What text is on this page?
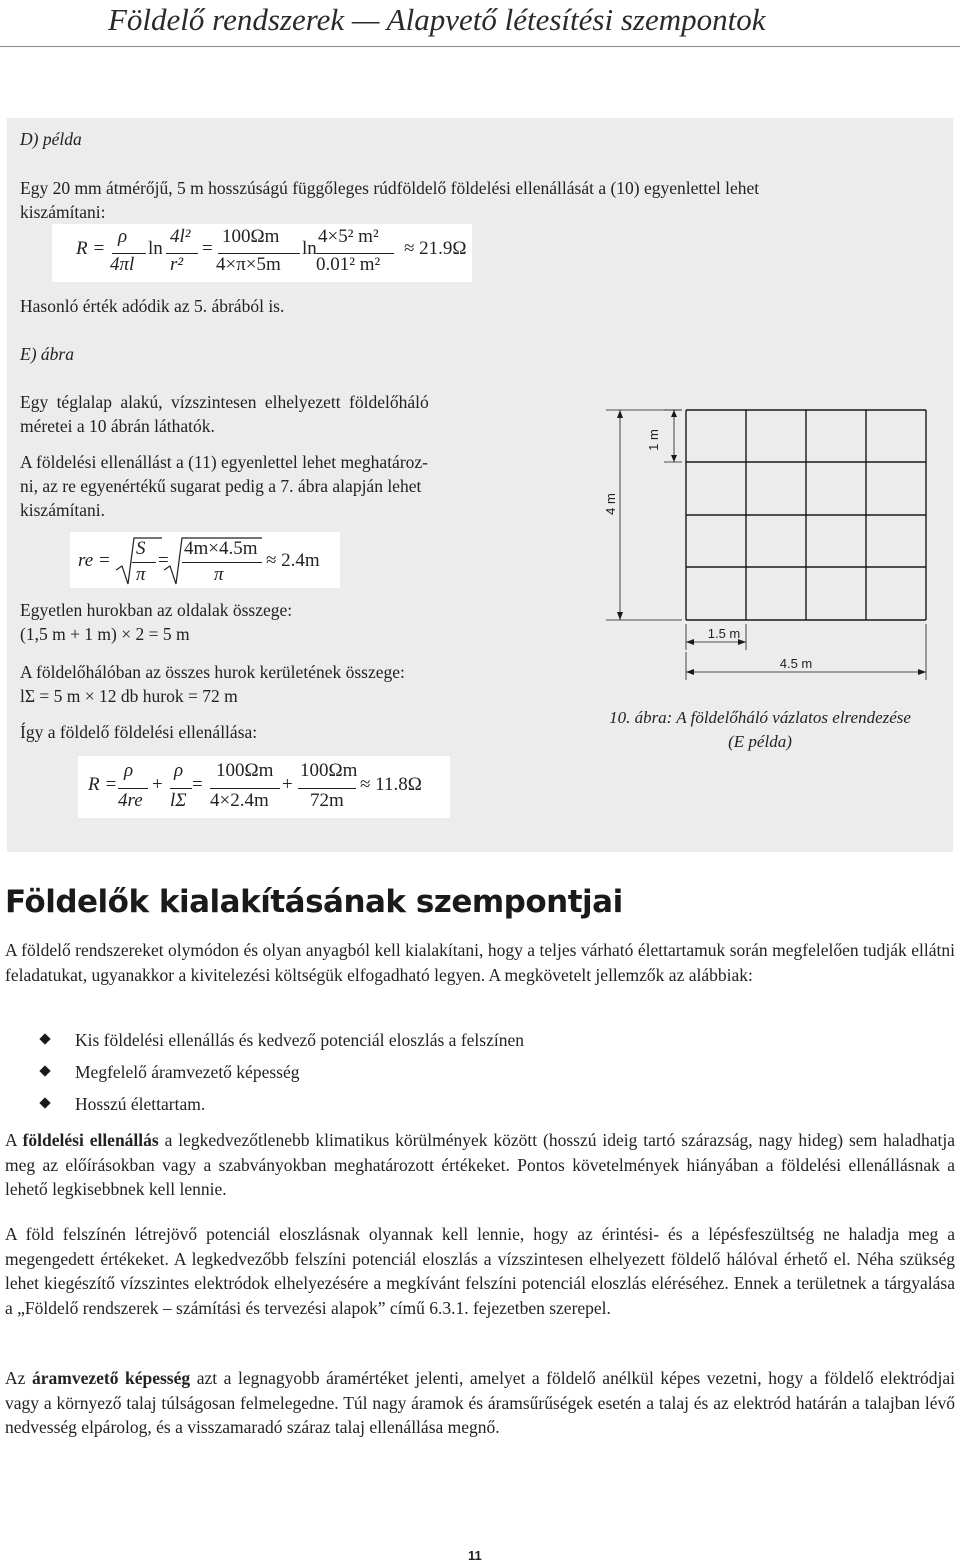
Földelő rendszerek — Alapvető létesítési szempontok
D) példa
Egy 20 mm átmérőjű, 5 m hosszúságú függőleges rúdföldelő földelési ellenállását a (10) egyenlettel lehet
kiszámítani:
R =
ρ
4πl
ln
4l²
r²
=
100Ωm
4×π×5m
ln
4×5² m²
0.01² m²
≈ 21.9Ω
Hasonló érték adódik az 5. ábrából is.
E) ábra
Egy téglalap alakú, vízszintesen elhelyezett földelőháló
méretei a 10 ábrán láthatók.
A földelési ellenállást a (11) egyenlettel lehet meghatároz-
ni, az re egyenértékű sugarat pedig a 7. ábra alapján lehet
kiszámítani.
re =
S
π
=
4m×4.5m
π
≈ 2.4m
Egyetlen hurokban az oldalak összege:
(1,5 m + 1 m) × 2 = 5 m
A földelőhálóban az összes hurok kerületének összege:
lΣ = 5 m × 12 db hurok = 72 m
Így a földelő földelési ellenállása:
R =
ρ
4re
+
ρ
lΣ
=
100Ωm
4×2.4m
+
100Ωm
72m
≈ 11.8Ω
1 m
4 m
1.5 m
4.5 m
10. ábra: A földelőháló vázlatos elrendezése
(E példa)
Földelők kialakításának szempontjai
A földelő rendszereket olymódon és olyan anyagból kell kialakítani, hogy a teljes várható élettartamuk során megfelelően tudják ellátni feladatukat, ugyanakkor a kivitelezési költségük elfogadható legyen. A megkövetelt jellemzők az alábbiak:
Kis földelési ellenállás és kedvező potenciál eloszlás a felszínen
Megfelelő áramvezető képesség
Hosszú élettartam.
A földelési ellenállás a legkedvezőtlenebb klimatikus körülmények között (hosszú ideig tartó szárazság, nagy hideg) sem haladhatja meg az előírásokban vagy a szabványokban meghatározott értékeket. Pontos követelmények hiányában a földelési ellenállásnak a lehető legkisebbnek kell lennie.
A föld felszínén létrejövő potenciál eloszlásnak olyannak kell lennie, hogy az érintési- és a lépésfeszültség ne haladja meg a megengedett értékeket. A legkedvezőbb felszíni potenciál eloszlás a vízszintesen elhelyezett földelő hálóval érhető el. Néha szükség lehet kiegészítő vízszintes elektródok elhelyezésére a megkívánt felszíni potenciál eloszlás eléréséhez. Ennek a területnek a tárgyalása a „Földelő rendszerek – számítási és tervezési alapok” című 6.3.1. fejezetben szerepel.
Az áramvezető képesség azt a legnagyobb áramértéket jelenti, amelyet a földelő anélkül képes vezetni, hogy a földelő elektródjai vagy a környező talaj túlságosan felmelegedne. Túl nagy áramok és áramsűrűségek esetén a talaj és az elektród határán a talajban lévő nedvesség elpárolog, és a visszamaradó száraz talaj ellenállása megnő.
11
